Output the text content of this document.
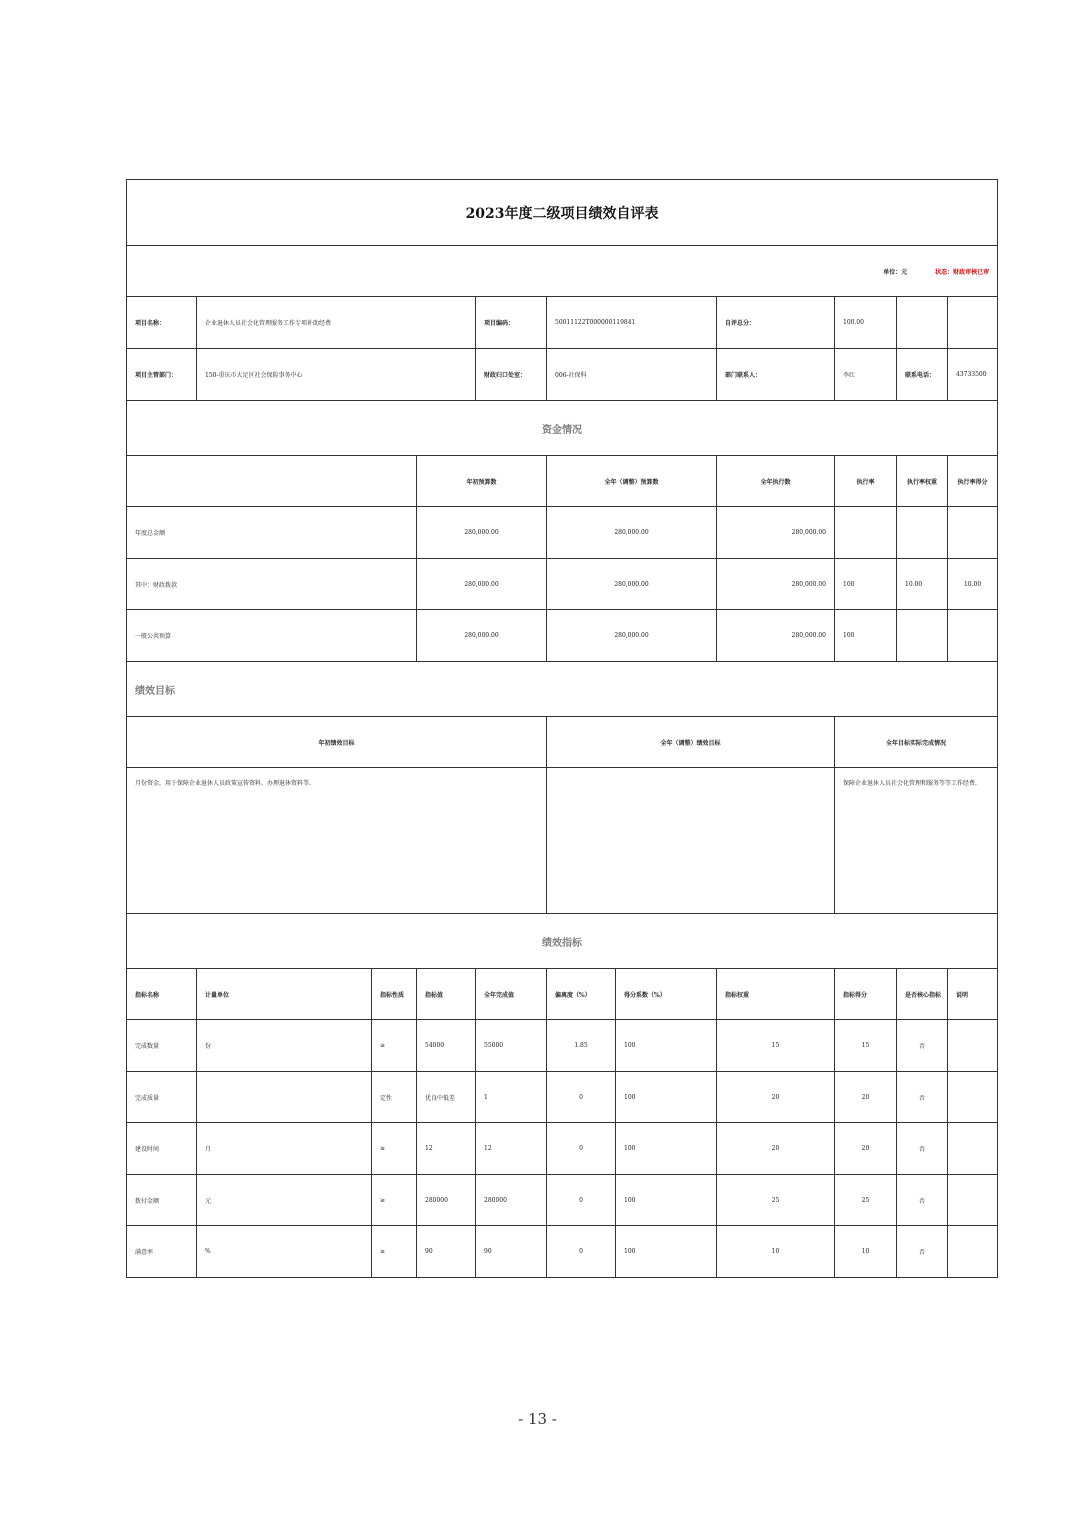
2023年度二级项目绩效自评表										
单位：元 状态：财政审核已审										
项目名称：	企业退休人员社会化管理服务工作专项补助经费			项目编码：	50011122T000000119841		自评总分：	100.00		
项目主管部门：	150-重庆市大足区社会保险事务中心			财政归口处室：	006-社保科		部门联系人：	李红	联系电话：	43733500
资金情况										
			年初预算数		全年（调整）预算数		全年执行数	执行率	执行率权重	执行率得分
年度总金额			280,000.00		280,000.00		280,000.00			
其中：财政拨款			280,000.00		280,000.00		280,000.00	100	10.00	10.00
一般公共预算			280,000.00		280,000.00		280,000.00	100		
绩效目标										
年初绩效目标					全年（调整）绩效目标			全年目标实际完成情况		
月份资金，用于保障企业退休人员政策宣传资料、办理退休资料等.								保障企业退休人员社会化管理和服务等等工作经费.		
绩效指标										
指标名称	计量单位	指标性质	指标值	全年完成值	偏离度（%）	得分系数（%）	指标权重	指标得分	是否核心指标	说明
完成数量	份	≥	54000	55000	1.85	100	15	15	否	
完成质量		定性	优良中低差	1	0	100	20	20	否	
建设时间	月	≥	12	12	0	100	20	20	否	
拨付金额	元	≥	280000	280000	0	100	25	25	否	
满意率	%	≥	90	90	0	100	10	10	否	
- 13 -
